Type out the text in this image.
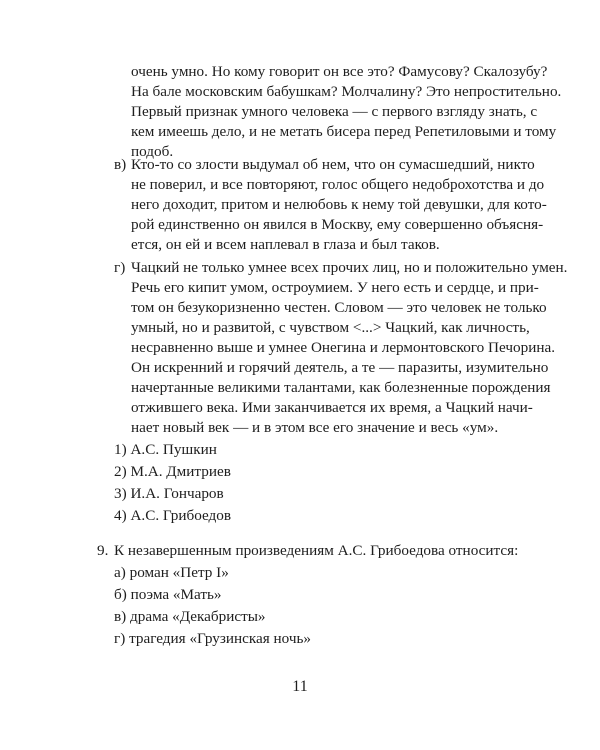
очень умно. Но кому говорит он все это? Фамусову? Скалозубу?
На бале московским бабушкам? Молчалину? Это непростительно.
Первый признак умного человека — с первого взгляду знать, с
кем имеешь дело, и не метать бисера перед Репетиловыми и тому
подоб.
в) Кто-то со злости выдумал об нем, что он сумасшедший, никто
не поверил, и все повторяют, голос общего недоброхотства и до
него доходит, притом и нелюбовь к нему той девушки, для кото-
рой единственно он явился в Москву, ему совершенно объясня-
ется, он ей и всем наплевал в глаза и был таков.
г) Чацкий не только умнее всех прочих лиц, но и положительно умен.
Речь его кипит умом, остроумием. У него есть и сердце, и при-
том он безукоризненно честен. Словом — это человек не только
умный, но и развитой, с чувством <...> Чацкий, как личность,
несравненно выше и умнее Онегина и лермонтовского Печорина.
Он искренний и горячий деятель, а те — паразиты, изумительно
начертанные великими талантами, как болезненные порождения
отжившего века. Ими заканчивается их время, а Чацкий начи-
нает новый век — и в этом все его значение и весь «ум».
1) А.С. Пушкин
2) М.А. Дмитриев
3) И.А. Гончаров
4) А.С. Грибоедов
9. К незавершенным произведениям А.С. Грибоедова относится:
а) роман «Петр I»
б) поэма «Мать»
в) драма «Декабристы»
г) трагедия «Грузинская ночь»
11
